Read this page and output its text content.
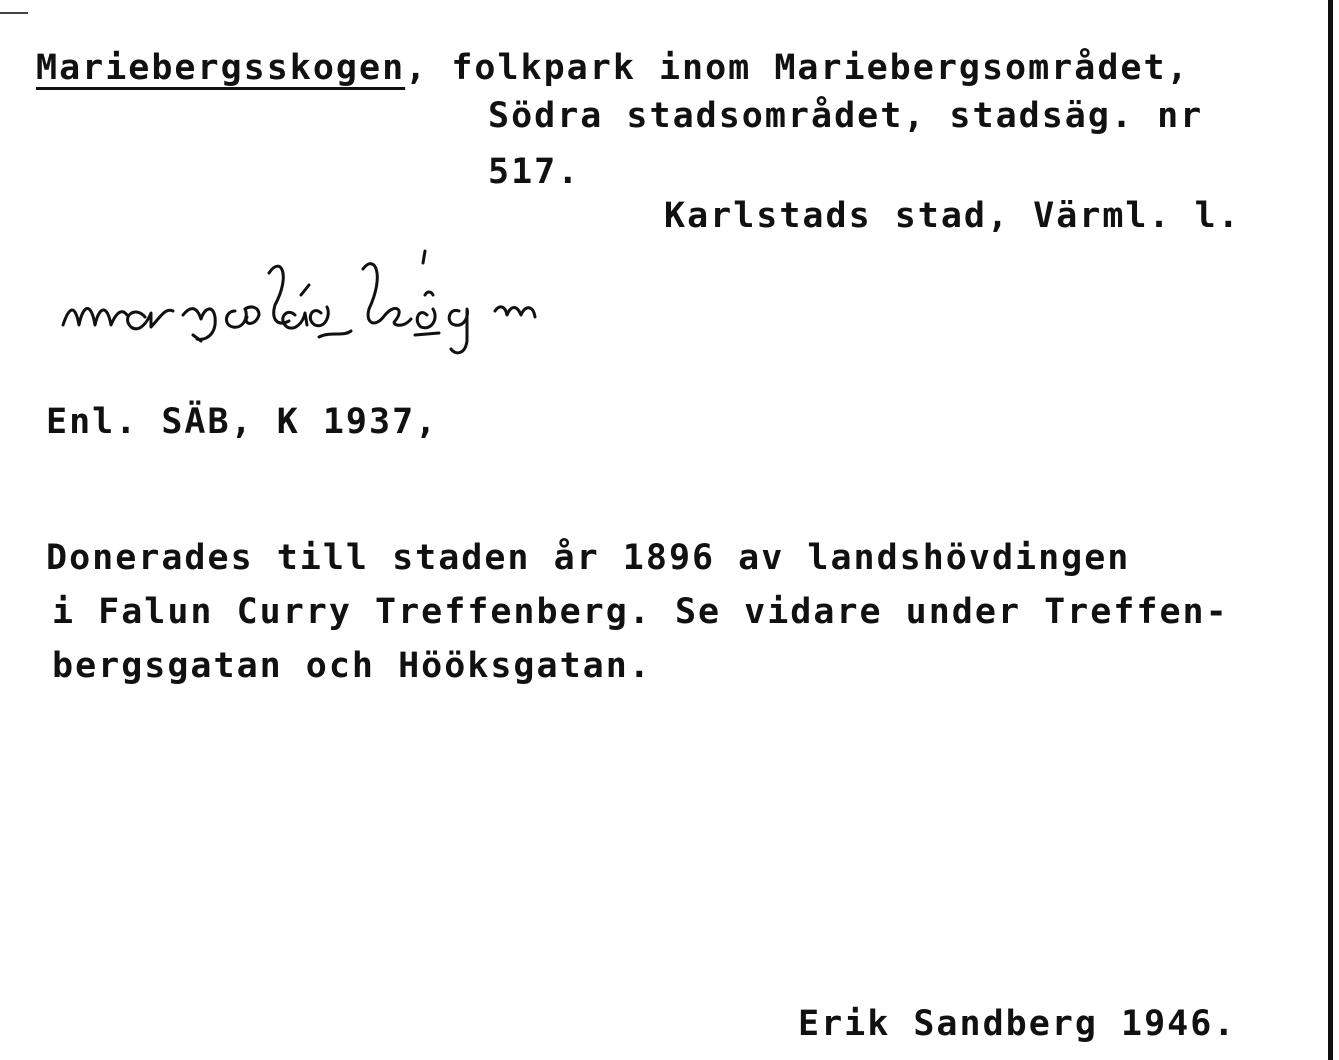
Mariebergsskogen, folkpark inom Mariebergsområdet,
Södra stadsområdet, stadsäg. nr
517.
Karlstads stad, Värml. l.
Enl. SÄB, K 1937,
Donerades till staden år 1896 av landshövdingen
i Falun Curry Treffenberg. Se vidare under Treffen-
bergsgatan och Hööksgatan.
Erik Sandberg 1946.
